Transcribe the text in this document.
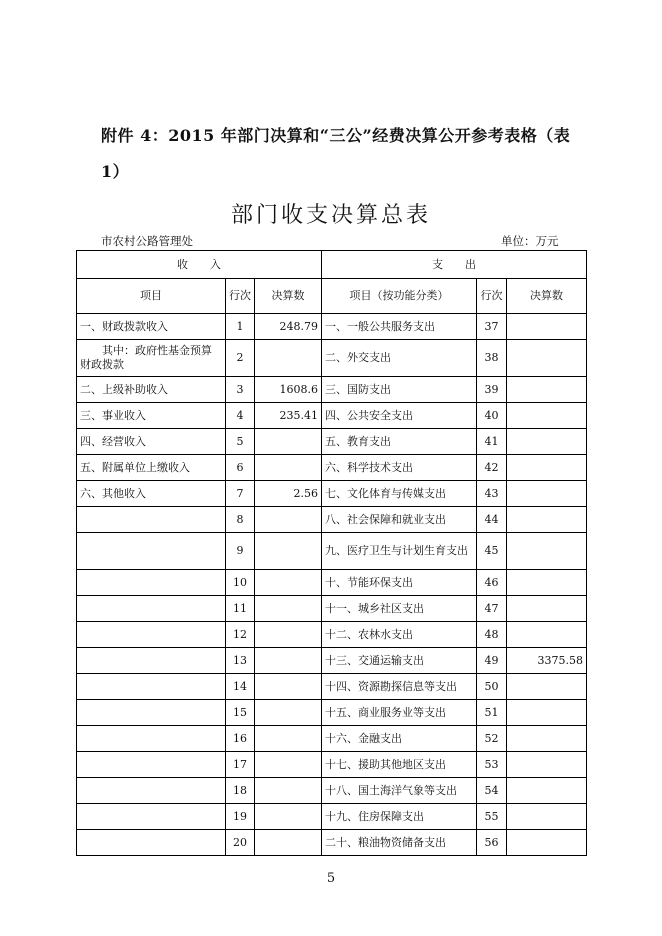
附件 4：2015 年部门决算和“三公”经费决算公开参考表格（表
1）
部门收支决算总表
市农村公路管理处	单位：万元
收　　入			支　　出		
项目	行次	决算数	项目（按功能分类）	行次	决算数
一、财政拨款收入	1	248.79	一、一般公共服务支出	37	
其中：政府性基金预算财政拨款	2		二、外交支出	38	
二、上级补助收入	3	1608.6	三、国防支出	39	
三、事业收入	4	235.41	四、公共安全支出	40	
四、经营收入	5		五、教育支出	41	
五、附属单位上缴收入	6		六、科学技术支出	42	
六、其他收入	7	2.56	七、文化体育与传媒支出	43	
	8		八、社会保障和就业支出	44	
	9		九、医疗卫生与计划生育支出	45	
	10		十、节能环保支出	46	
	11		十一、城乡社区支出	47	
	12		十二、农林水支出	48	
	13		十三、交通运输支出	49	3375.58
	14		十四、资源勘探信息等支出	50	
	15		十五、商业服务业等支出	51	
	16		十六、金融支出	52	
	17		十七、援助其他地区支出	53	
	18		十八、国土海洋气象等支出	54	
	19		十九、住房保障支出	55	
	20		二十、粮油物资储备支出	56	
5
